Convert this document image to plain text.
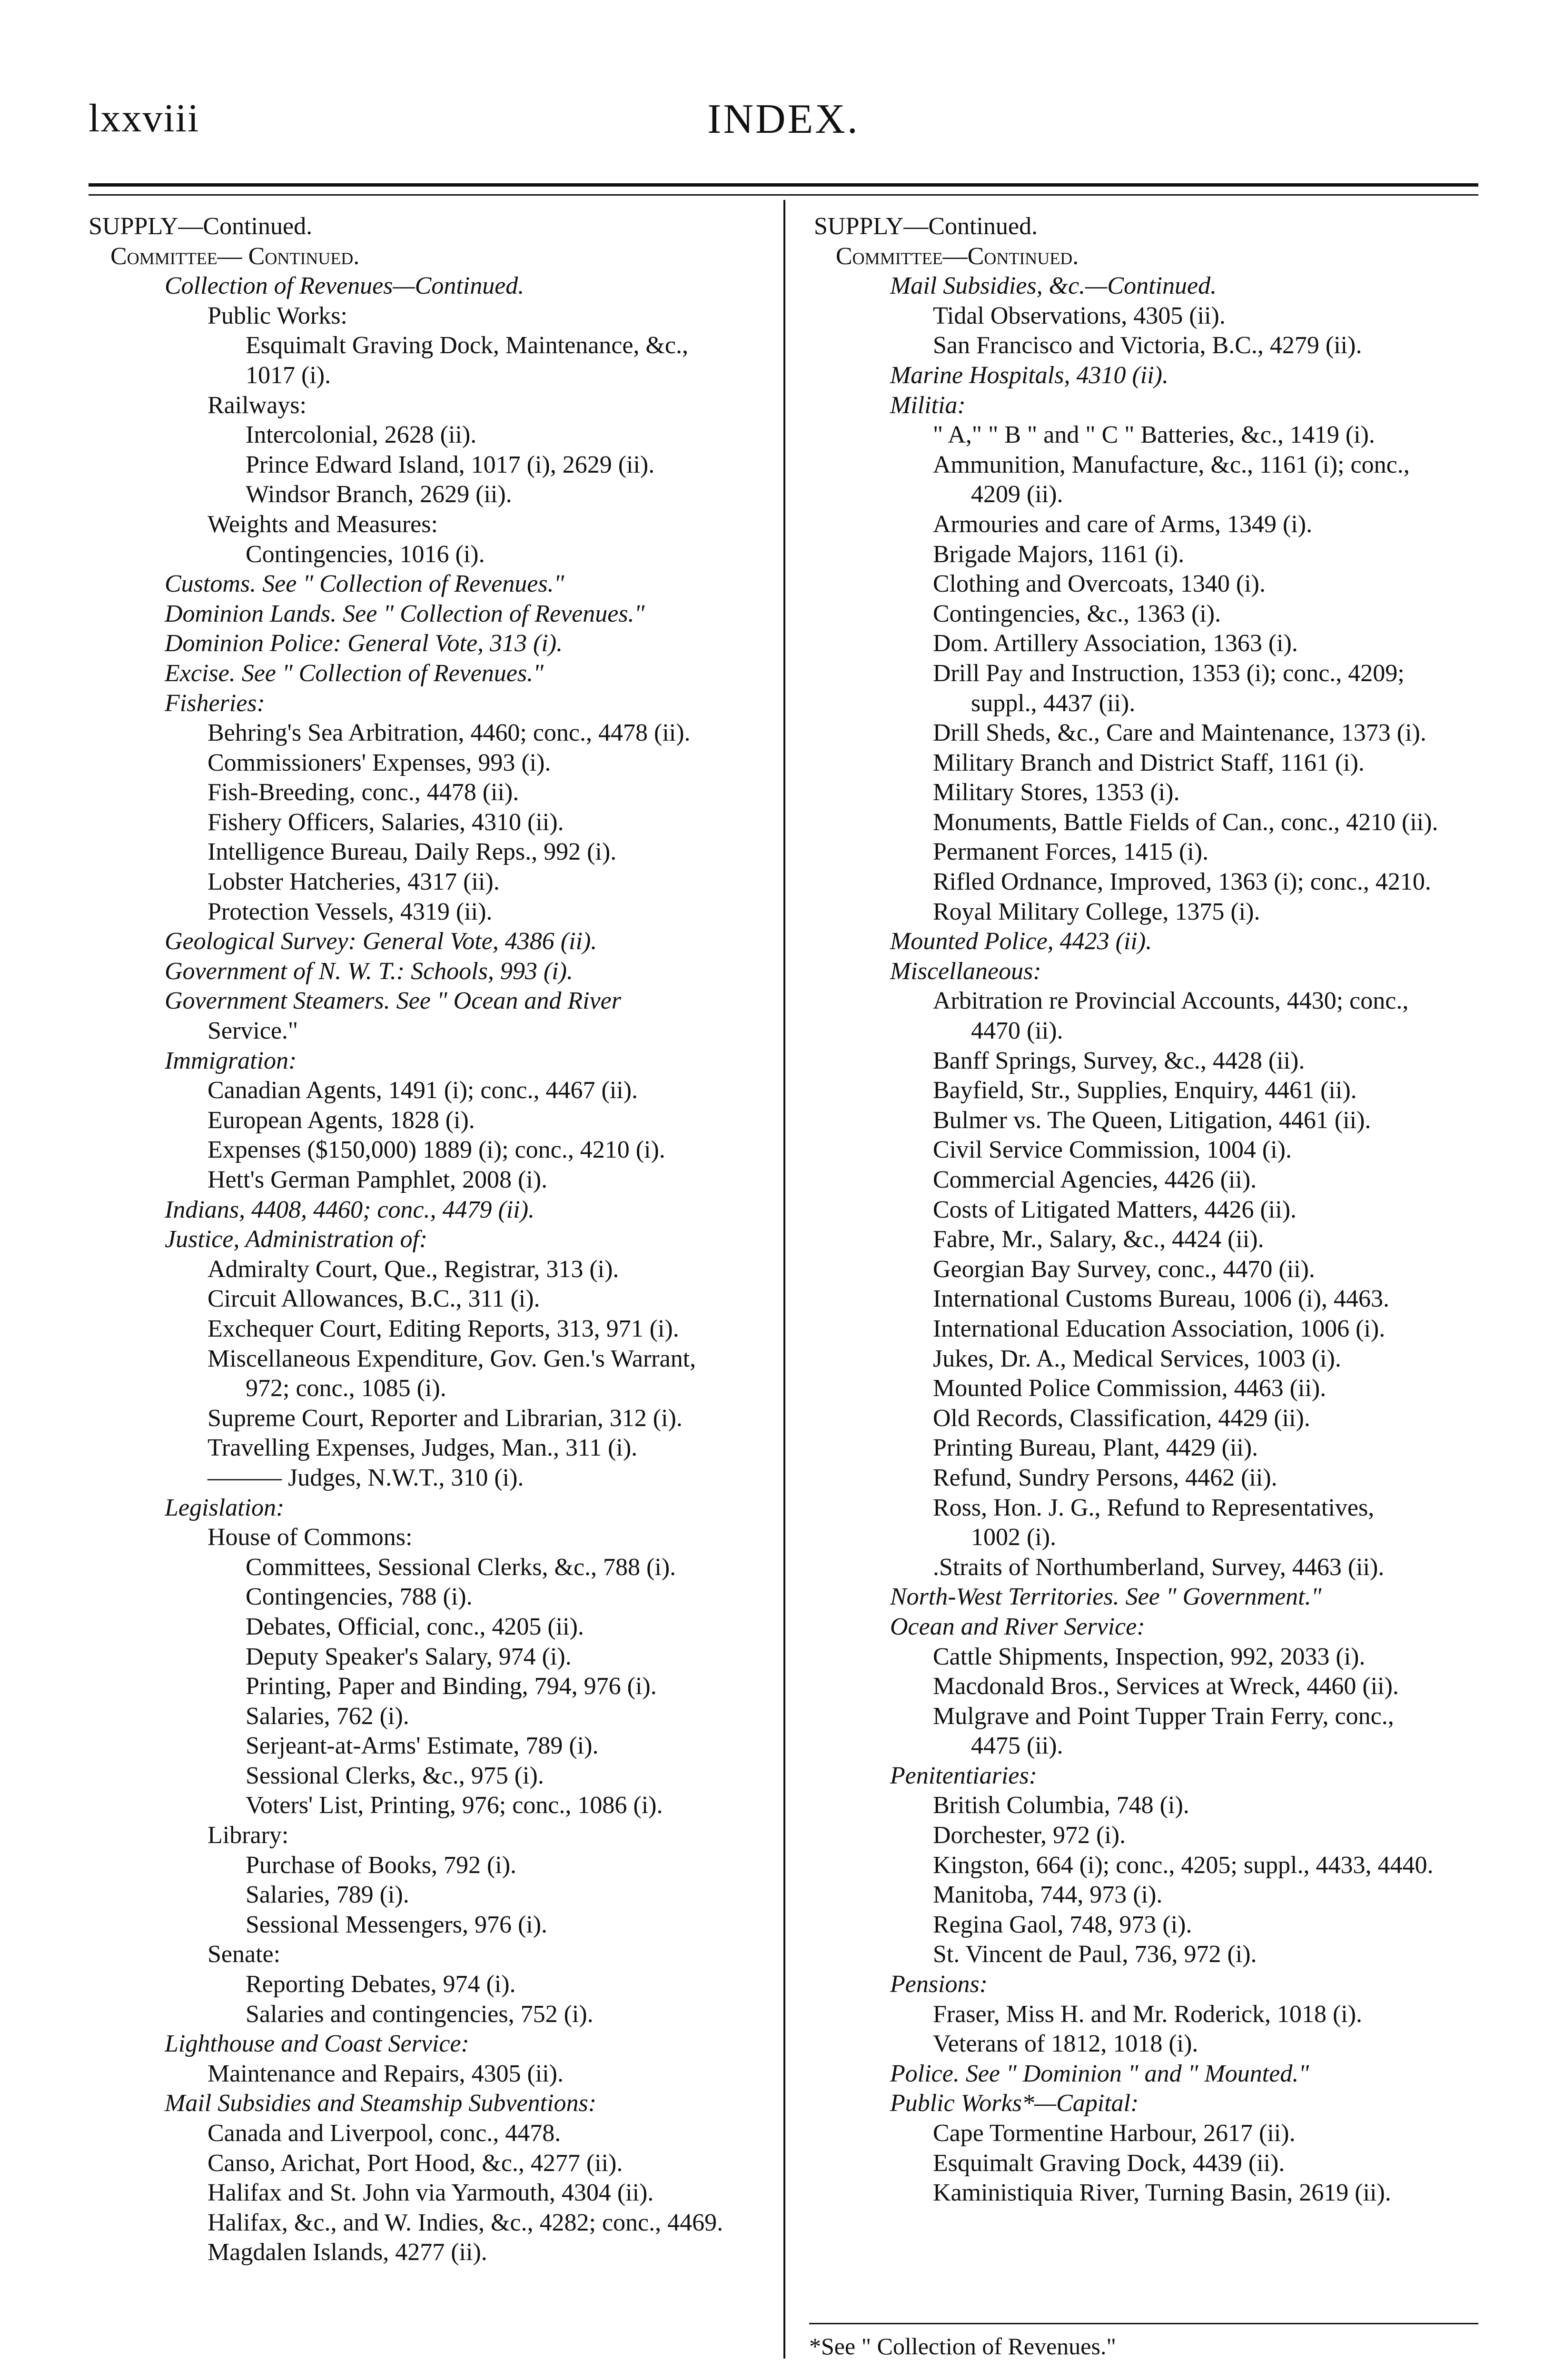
lxxviii	INDEX.
SUPPLY—Continued.
Committee— Continued.
Collection of Revenues—Continued.
Public Works:
Esquimalt Graving Dock, Maintenance, &c.,
1017 (i).
Railways:
Intercolonial, 2628 (ii).
Prince Edward Island, 1017 (i), 2629 (ii).
Windsor Branch, 2629 (ii).
Weights and Measures:
Contingencies, 1016 (i).
Customs. See " Collection of Revenues."
Dominion Lands. See " Collection of Revenues."
Dominion Police: General Vote, 313 (i).
Excise. See " Collection of Revenues."
Fisheries:
Behring's Sea Arbitration, 4460; conc., 4478 (ii).
Commissioners' Expenses, 993 (i).
Fish-Breeding, conc., 4478 (ii).
Fishery Officers, Salaries, 4310 (ii).
Intelligence Bureau, Daily Reps., 992 (i).
Lobster Hatcheries, 4317 (ii).
Protection Vessels, 4319 (ii).
Geological Survey: General Vote, 4386 (ii).
Government of N. W. T.: Schools, 993 (i).
Government Steamers. See " Ocean and River
Service."
Immigration:
Canadian Agents, 1491 (i); conc., 4467 (ii).
European Agents, 1828 (i).
Expenses ($150,000) 1889 (i); conc., 4210 (i).
Hett's German Pamphlet, 2008 (i).
Indians, 4408, 4460; conc., 4479 (ii).
Justice, Administration of:
Admiralty Court, Que., Registrar, 313 (i).
Circuit Allowances, B.C., 311 (i).
Exchequer Court, Editing Reports, 313, 971 (i).
Miscellaneous Expenditure, Gov. Gen.'s Warrant,
972; conc., 1085 (i).
Supreme Court, Reporter and Librarian, 312 (i).
Travelling Expenses, Judges, Man., 311 (i).
——— Judges, N.W.T., 310 (i).
Legislation:
House of Commons:
Committees, Sessional Clerks, &c., 788 (i).
Contingencies, 788 (i).
Debates, Official, conc., 4205 (ii).
Deputy Speaker's Salary, 974 (i).
Printing, Paper and Binding, 794, 976 (i).
Salaries, 762 (i).
Serjeant-at-Arms' Estimate, 789 (i).
Sessional Clerks, &c., 975 (i).
Voters' List, Printing, 976; conc., 1086 (i).
Library:
Purchase of Books, 792 (i).
Salaries, 789 (i).
Sessional Messengers, 976 (i).
Senate:
Reporting Debates, 974 (i).
Salaries and contingencies, 752 (i).
Lighthouse and Coast Service:
Maintenance and Repairs, 4305 (ii).
Mail Subsidies and Steamship Subventions:
Canada and Liverpool, conc., 4478.
Canso, Arichat, Port Hood, &c., 4277 (ii).
Halifax and St. John via Yarmouth, 4304 (ii).
Halifax, &c., and W. Indies, &c., 4282; conc., 4469.
Magdalen Islands, 4277 (ii).
SUPPLY—Continued.
Committee—Continued.
Mail Subsidies, &c.—Continued.
Tidal Observations, 4305 (ii).
San Francisco and Victoria, B.C., 4279 (ii).
Marine Hospitals, 4310 (ii).
Militia:
" A," " B " and " C " Batteries, &c., 1419 (i).
Ammunition, Manufacture, &c., 1161 (i); conc.,
4209 (ii).
Armouries and care of Arms, 1349 (i).
Brigade Majors, 1161 (i).
Clothing and Overcoats, 1340 (i).
Contingencies, &c., 1363 (i).
Dom. Artillery Association, 1363 (i).
Drill Pay and Instruction, 1353 (i); conc., 4209;
suppl., 4437 (ii).
Drill Sheds, &c., Care and Maintenance, 1373 (i).
Military Branch and District Staff, 1161 (i).
Military Stores, 1353 (i).
Monuments, Battle Fields of Can., conc., 4210 (ii).
Permanent Forces, 1415 (i).
Rifled Ordnance, Improved, 1363 (i); conc., 4210.
Royal Military College, 1375 (i).
Mounted Police, 4423 (ii).
Miscellaneous:
Arbitration re Provincial Accounts, 4430; conc.,
4470 (ii).
Banff Springs, Survey, &c., 4428 (ii).
Bayfield, Str., Supplies, Enquiry, 4461 (ii).
Bulmer vs. The Queen, Litigation, 4461 (ii).
Civil Service Commission, 1004 (i).
Commercial Agencies, 4426 (ii).
Costs of Litigated Matters, 4426 (ii).
Fabre, Mr., Salary, &c., 4424 (ii).
Georgian Bay Survey, conc., 4470 (ii).
International Customs Bureau, 1006 (i), 4463.
International Education Association, 1006 (i).
Jukes, Dr. A., Medical Services, 1003 (i).
Mounted Police Commission, 4463 (ii).
Old Records, Classification, 4429 (ii).
Printing Bureau, Plant, 4429 (ii).
Refund, Sundry Persons, 4462 (ii).
Ross, Hon. J. G., Refund to Representatives,
1002 (i).
.Straits of Northumberland, Survey, 4463 (ii).
North-West Territories. See " Government."
Ocean and River Service:
Cattle Shipments, Inspection, 992, 2033 (i).
Macdonald Bros., Services at Wreck, 4460 (ii).
Mulgrave and Point Tupper Train Ferry, conc.,
4475 (ii).
Penitentiaries:
British Columbia, 748 (i).
Dorchester, 972 (i).
Kingston, 664 (i); conc., 4205; suppl., 4433, 4440.
Manitoba, 744, 973 (i).
Regina Gaol, 748, 973 (i).
St. Vincent de Paul, 736, 972 (i).
Pensions:
Fraser, Miss H. and Mr. Roderick, 1018 (i).
Veterans of 1812, 1018 (i).
Police. See " Dominion " and " Mounted."
Public Works*—Capital:
Cape Tormentine Harbour, 2617 (ii).
Esquimalt Graving Dock, 4439 (ii).
Kaministiquia River, Turning Basin, 2619 (ii).
*See " Collection of Revenues."
